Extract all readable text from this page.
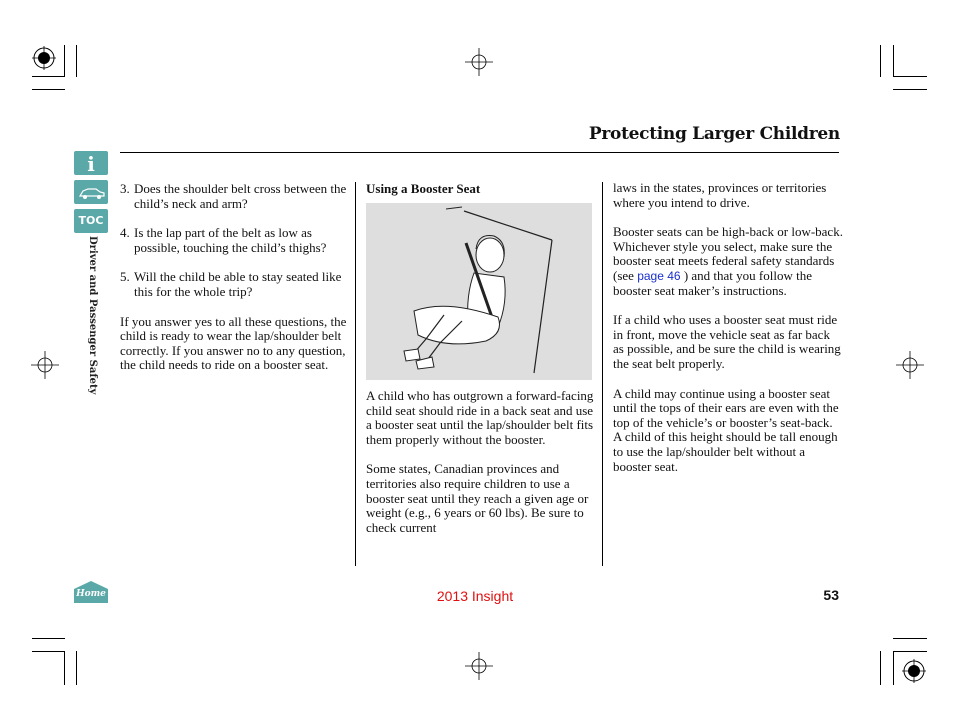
Protecting Larger Children
i
TOC
Driver and Passenger Safety
Home
3. Does the shoulder belt cross between the child’s neck and arm?

4. Is the lap part of the belt as low as possible, touching the child’s thighs?

5. Will the child be able to stay seated like this for the whole trip?

If you answer yes to all these questions, the child is ready to wear the lap/shoulder belt correctly. If you answer no to any question, the child needs to ride on a booster seat.

Using a Booster Seat

A child who has outgrown a forward-facing child seat should ride in a back seat and use a booster seat until the lap/shoulder belt fits them properly without the booster.

Some states, Canadian provinces and territories also require children to use a booster seat until they reach a given age or weight (e.g., 6 years or 60 lbs). Be sure to check current

laws in the states, provinces or territories where you intend to drive.

Booster seats can be high-back or low-back. Whichever style you select, make sure the booster seat meets federal safety standards (see page 46 ) and that you follow the booster seat maker’s instructions.

If a child who uses a booster seat must ride in front, move the vehicle seat as far back as possible, and be sure the child is wearing the seat belt properly.

A child may continue using a booster seat until the tops of their ears are even with the top of the vehicle’s or booster’s seat-back. A child of this height should be tall enough to use the lap/shoulder belt without a booster seat.

2013 Insight	53
